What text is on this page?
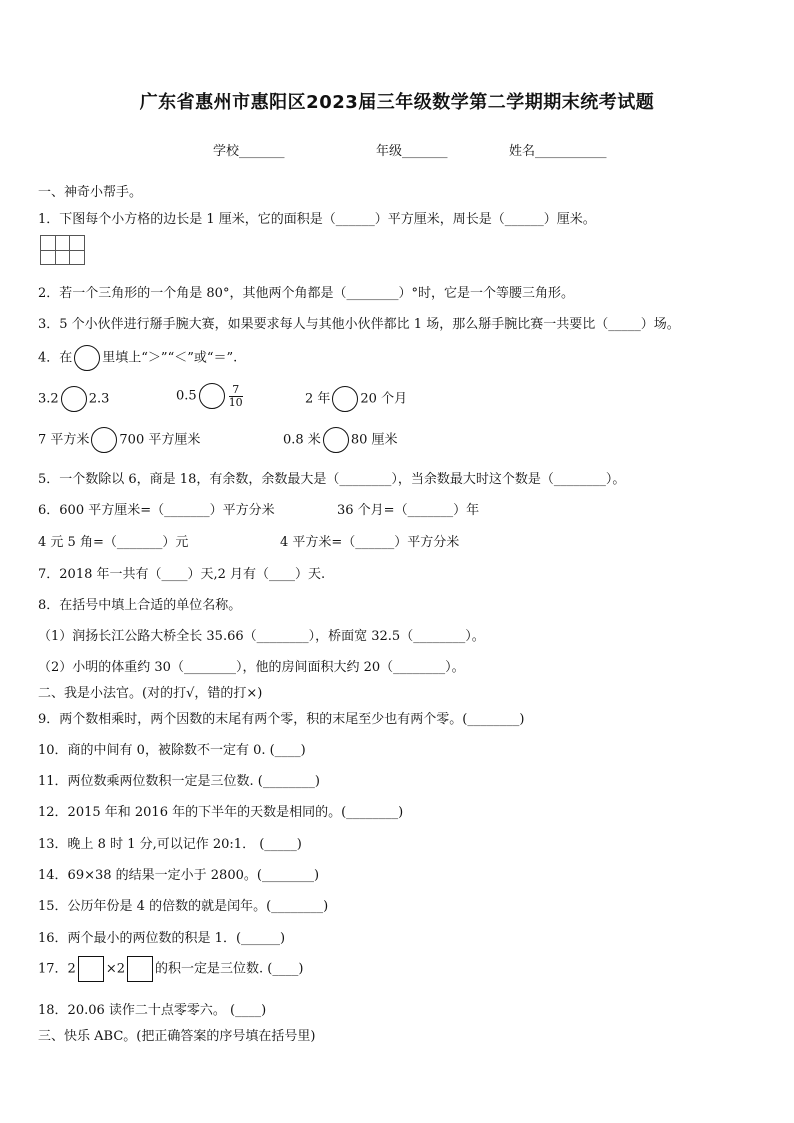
广东省惠州市惠阳区2023届三年级数学第二学期期末统考试题
学校_______	年级_______	姓名___________
一、神奇小帮手。
1．下图每个小方格的边长是 1 厘米，它的面积是（______）平方厘米，周长是（______）厘米。
2．若一个三角形的一个角是 80°，其他两个角都是（________）°时，它是一个等腰三角形。
3．5 个小伙伴进行掰手腕大赛，如果要求每人与其他小伙伴都比 1 场，那么掰手腕比赛一共要比（_____）场。
4．在 里填上“＞”“＜”或“＝”.
3.2 2.3	0.5	$\frac{7}{10}$	2 年 20 个月
7 平方米 700 平方厘米	0.8 米 80 厘米
5．一个数除以 6，商是 18，有余数，余数最大是（________），当余数最大时这个数是（________）。
6．600 平方厘米=（_______）平方分米	36 个月=（_______）年
4 元 5 角=（_______）元	4 平方米=（______）平方分米
7．2018 年一共有（____）天,2 月有（____）天.
8．在括号中填上合适的单位名称。
（1）润扬长江公路大桥全长 35.66（________），桥面宽 32.5（________）。
（2）小明的体重约 30（________），他的房间面积大约 20（________）。
二、我是小法官。(对的打√，错的打×)
9．两个数相乘时，两个因数的末尾有两个零，积的末尾至少也有两个零。(________)
10．商的中间有 0，被除数不一定有 0. (____)
11．两位数乘两位数积一定是三位数. (________)
12．2015 年和 2016 年的下半年的天数是相同的。(________)
13．晚上 8 时 1 分,可以记作 20:1． (_____)
14．69×38 的结果一定小于 2800。(________)
15．公历年份是 4 的倍数的就是闰年。(________)
16．两个最小的两位数的积是 1．(______)
17．2 ×2 的积一定是三位数. (____)
18．20.06 读作二十点零零六。 (____)
三、快乐 ABC。(把正确答案的序号填在括号里)
